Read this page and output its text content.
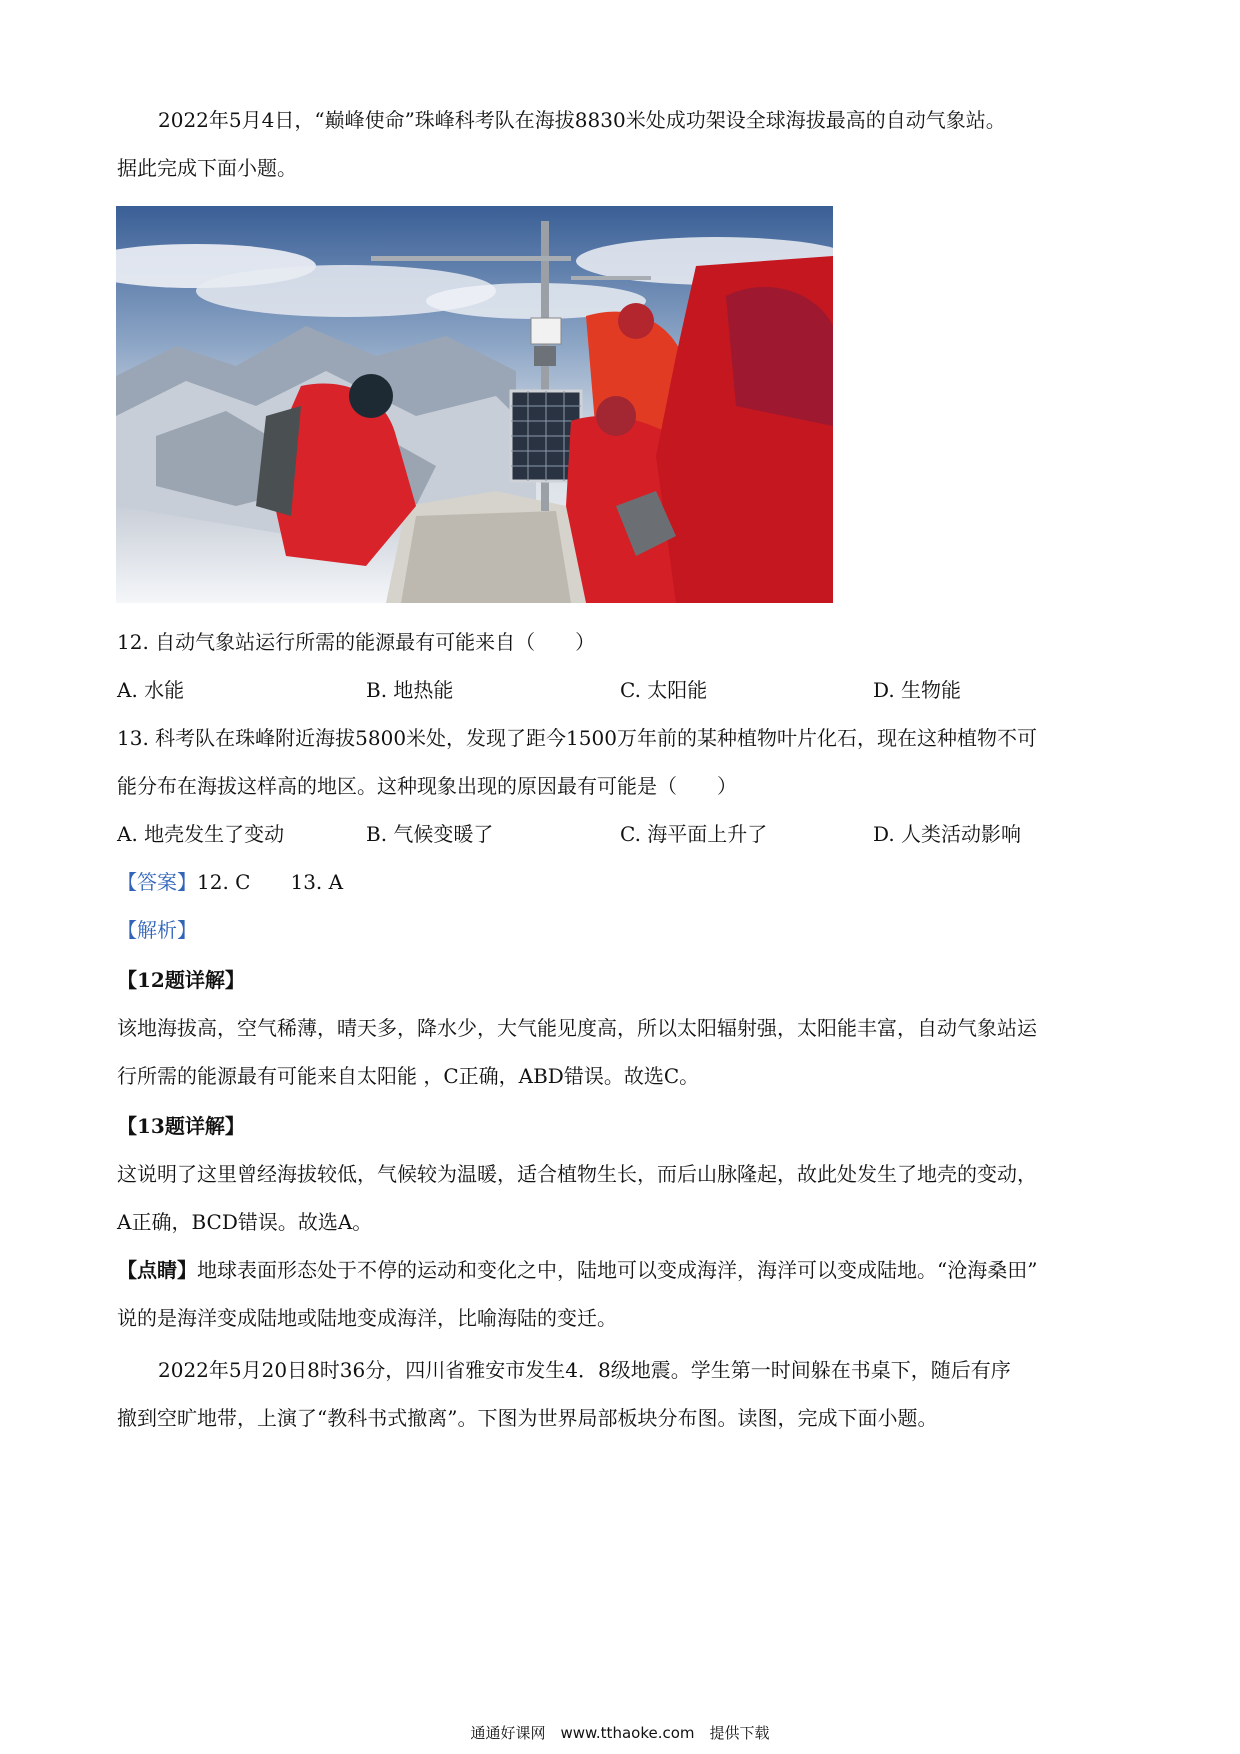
2022年5月4日，“巅峰使命”珠峰科考队在海拔8830米处成功架设全球海拔最高的自动气象站。

据此完成下面小题。

12. 自动气象站运行所需的能源最有可能来自（　　）

A. 水能	B. 地热能	C. 太阳能	D. 生物能

13. 科考队在珠峰附近海拔5800米处，发现了距今1500万年前的某种植物叶片化石，现在这种植物不可

能分布在海拔这样高的地区。这种现象出现的原因最有可能是（　　）

A. 地壳发生了变动	B. 气候变暖了	C. 海平面上升了	D. 人类活动影响

【答案】12. C　　13. A

【解析】

【12题详解】

该地海拔高，空气稀薄，晴天多，降水少，大气能见度高，所以太阳辐射强，太阳能丰富，自动气象站运

行所需的能源最有可能来自太阳能 ，C正确，ABD错误。故选C。

【13题详解】

这说明了这里曾经海拔较低，气候较为温暖，适合植物生长，而后山脉隆起，故此处发生了地壳的变动，

A正确，BCD错误。故选A。

【点睛】地球表面形态处于不停的运动和变化之中，陆地可以变成海洋，海洋可以变成陆地。“沧海桑田”

说的是海洋变成陆地或陆地变成海洋，比喻海陆的变迁。

2022年5月20日8时36分，四川省雅安市发生4．8级地震。学生第一时间躲在书桌下，随后有序

撤到空旷地带，上演了“教科书式撤离”。下图为世界局部板块分布图。读图，完成下面小题。

通通好课网　www.tthaoke.com　提供下载
